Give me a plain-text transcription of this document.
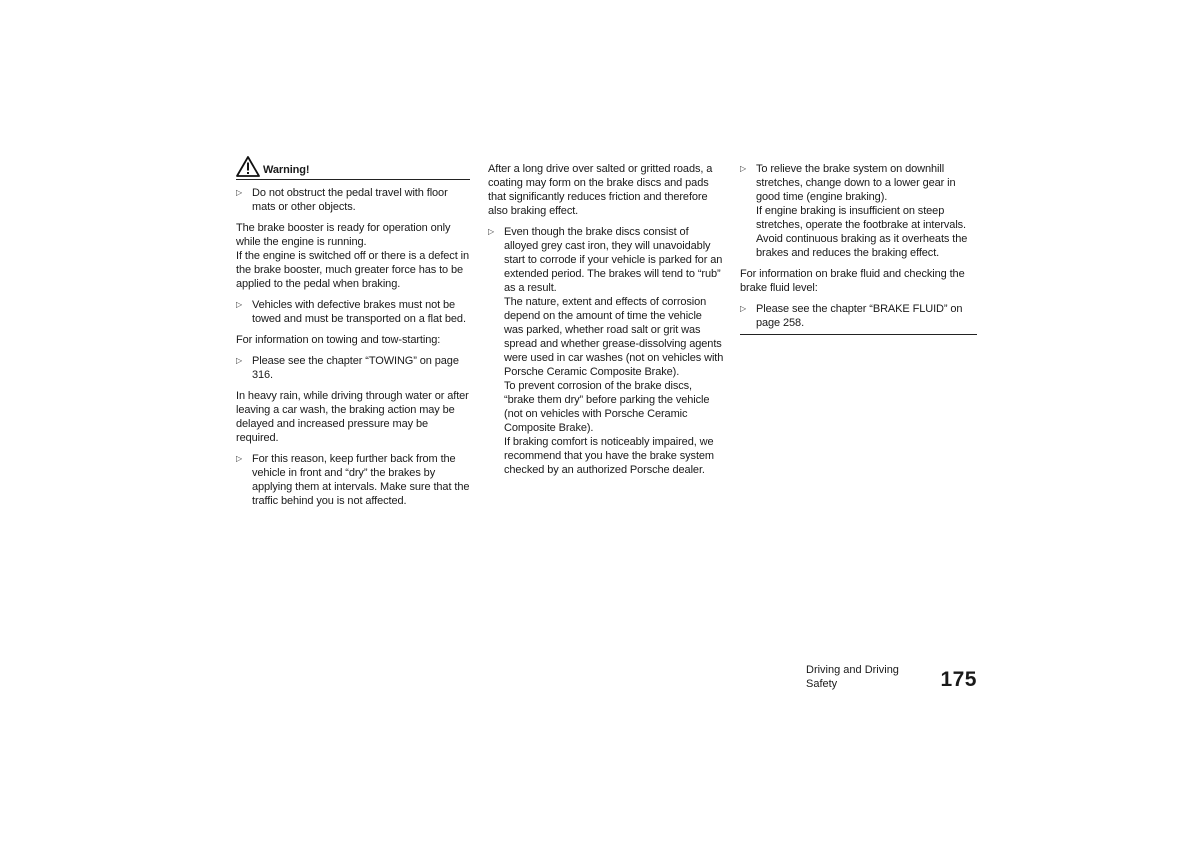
Warning!
▷ Do not obstruct the pedal travel with floor mats or other objects.

The brake booster is ready for operation only while the engine is running.
If the engine is switched off or there is a defect in the brake booster, much greater force has to be applied to the pedal when braking.

▷ Vehicles with defective brakes must not be towed and must be transported on a flat bed.

For information on towing and tow-starting:

▷ Please see the chapter “TOWING” on page 316.

In heavy rain, while driving through water or after leaving a car wash, the braking action may be delayed and increased pressure may be required.

▷ For this reason, keep further back from the vehicle in front and “dry” the brakes by applying them at intervals. Make sure that the traffic behind you is not affected.

After a long drive over salted or gritted roads, a coating may form on the brake discs and pads that significantly reduces friction and therefore also braking effect.

▷ Even though the brake discs consist of alloyed grey cast iron, they will unavoidably start to corrode if your vehicle is parked for an extended period. The brakes will tend to “rub” as a result.
The nature, extent and effects of corrosion depend on the amount of time the vehicle was parked, whether road salt or grit was spread and whether grease-dissolving agents were used in car washes (not on vehicles with Porsche Ceramic Composite Brake).
To prevent corrosion of the brake discs, “brake them dry” before parking the vehicle (not on vehicles with Porsche Ceramic Composite Brake).
If braking comfort is noticeably impaired, we recommend that you have the brake system checked by an authorized Porsche dealer.
▷ To relieve the brake system on downhill stretches, change down to a lower gear in good time (engine braking).
If engine braking is insufficient on steep stretches, operate the footbrake at intervals. Avoid continuous braking as it overheats the brakes and reduces the braking effect.

For information on brake fluid and checking the brake fluid level:

▷ Please see the chapter “BRAKE FLUID” on page 258.
Driving and Driving Safety	175
